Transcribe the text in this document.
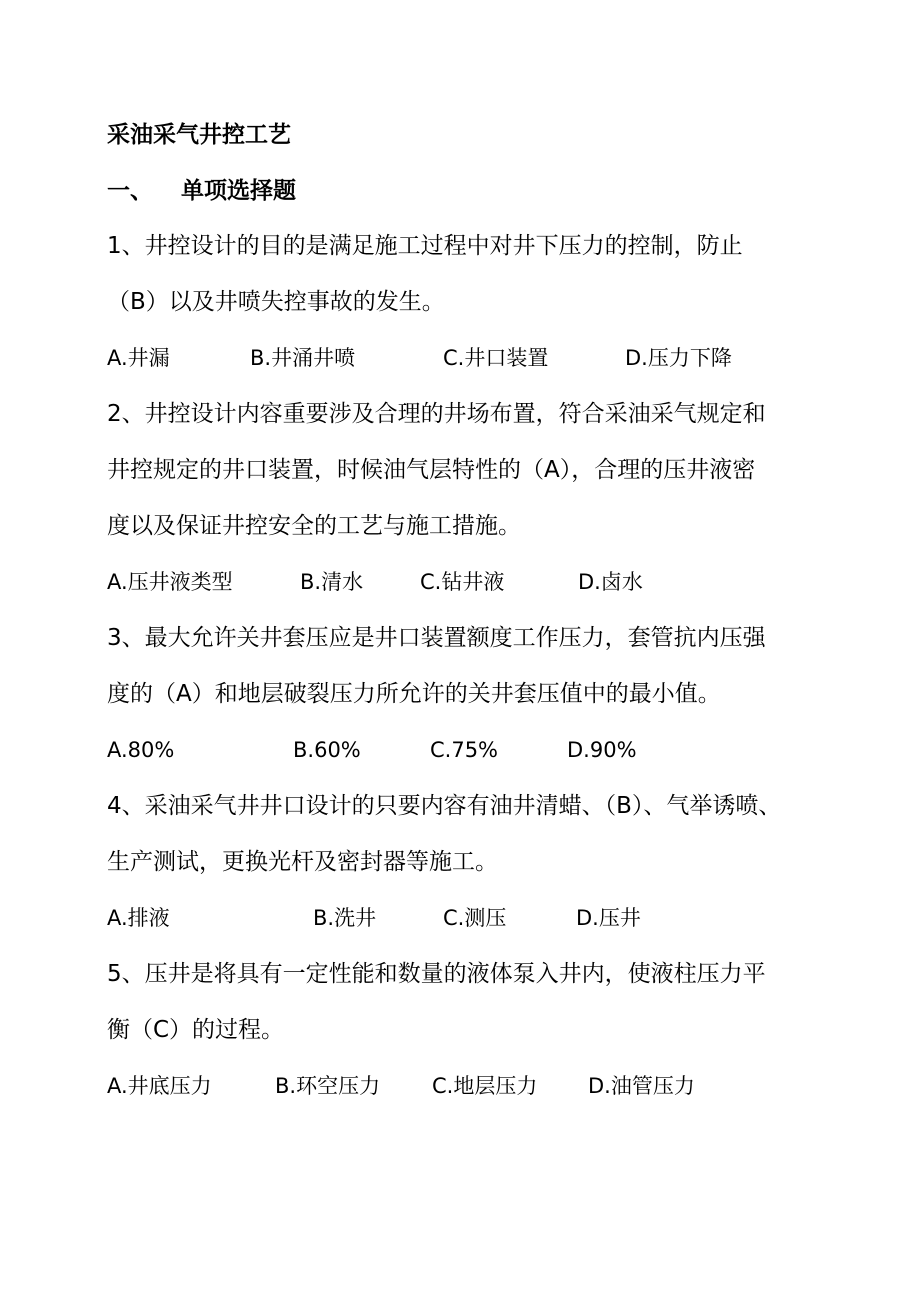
采油采气井控工艺
一、 单项选择题
1、井控设计的目的是满足施工过程中对井下压力的控制，防止
（B）以及井喷失控事故的发生。
A.井漏	B.井涌井喷	C.井口装置	D.压力下降
2、井控设计内容重要涉及合理的井场布置，符合采油采气规定和
井控规定的井口装置，时候油气层特性的（A），合理的压井液密
度以及保证井控安全的工艺与施工措施。
A.压井液类型	B.清水	C.钻井液	D.卤水
3、最大允许关井套压应是井口装置额度工作压力，套管抗内压强
度的（A）和地层破裂压力所允许的关井套压值中的最小值。
A.80%	B.60%	C.75%	D.90%
4、采油采气井井口设计的只要内容有油井清蜡、（B）、气举诱喷、
生产测试，更换光杆及密封器等施工。
A.排液	B.洗井	C.测压	D.压井
5、压井是将具有一定性能和数量的液体泵入井内，使液柱压力平
衡（C）的过程。
A.井底压力	B.环空压力 C.地层压力 D.油管压力
